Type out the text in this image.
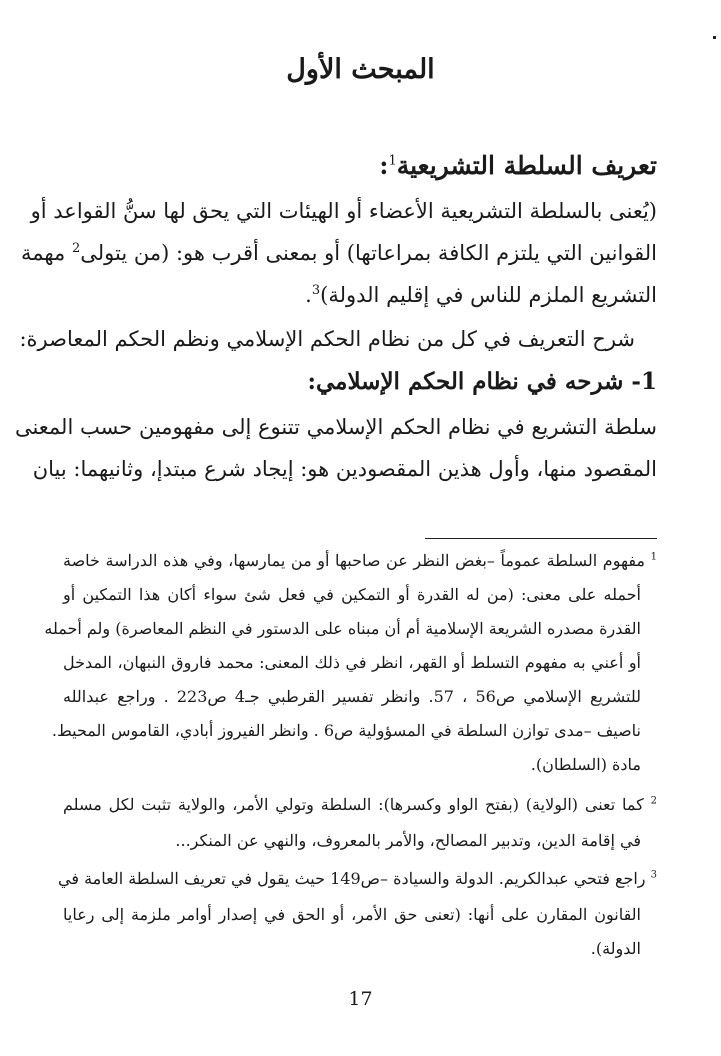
المبحث الأول
تعريف السلطة التشريعية$^1$:
(يُعنى بالسلطة التشريعية الأعضاء أو الهيئات التي يحق لها سنُّ القواعد أو
القوانين التي يلتزم الكافة بمراعاتها) أو بمعنى أقرب هو: (من يتولى$^2$ مهمة
التشريع الملزم للناس في إقليم الدولة)$^3$.
شرح التعريف في كل من نظام الحكم الإسلامي ونظم الحكم المعاصرة:
1- شرحه في نظام الحكم الإسلامي:
سلطة التشريع في نظام الحكم الإسلامي تتنوع إلى مفهومين حسب المعنى
المقصود منها، وأول هذين المقصودين هو: إيجاد شرع مبتدإ، وثانيهما: بيان
$^1$ مفهوم السلطة عموماً –بغض النظر عن صاحبها أو من يمارسها، وفي هذه الدراسة خاصة
أحمله على معنى: (من له القدرة أو التمكين في فعل شئ سواء أكان هذا التمكين أو
القدرة مصدره الشريعة الإسلامية أم أن مبناه على الدستور في النظم المعاصرة) ولم أحمله
أو أعني به مفهوم التسلط أو القهر، انظر في ذلك المعنى: محمد فاروق النبهان، المدخل
للتشريع الإسلامي ص56 ، 57. وانظر تفسير القرطبي جـ4 ص223 . وراجع عبدالله
ناصيف –مدى توازن السلطة في المسؤولية ص6 . وانظر الفيروز أبادي، القاموس المحيط.
مادة (السلطان).
$^2$ كما تعنى (الولاية) (بفتح الواو وكسرها): السلطة وتولي الأمر، والولاية تثبت لكل مسلم
في إقامة الدين، وتدبير المصالح، والأمر بالمعروف، والنهي عن المنكر...
$^3$ راجع فتحي عبدالكريم. الدولة والسيادة –ص149 حيث يقول في تعريف السلطة العامة في
القانون المقارن على أنها: (تعنى حق الأمر، أو الحق في إصدار أوامر ملزمة إلى رعايا
الدولة).
17
